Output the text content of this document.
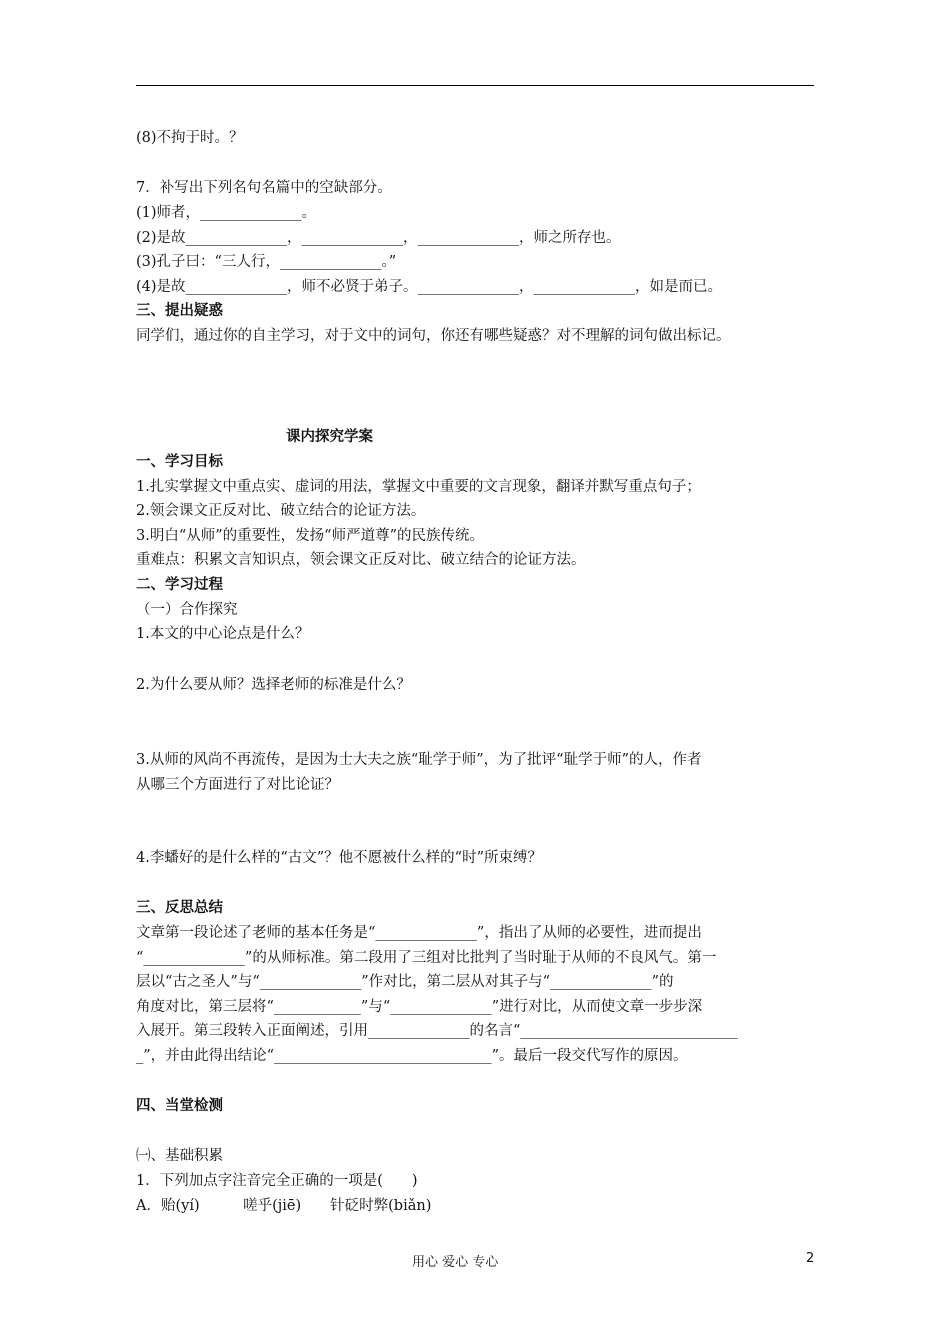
(8)不拘于时。？
7．补写出下列名句名篇中的空缺部分。
(1)师者，______________。
(2)是故______________，______________，______________，师之所存也。
(3)孔子曰：“三人行，______________。”
(4)是故______________，师不必贤于弟子。______________，______________，如是而已。
三、提出疑惑
同学们，通过你的自主学习，对于文中的词句，你还有哪些疑惑？对不理解的词句做出标记。
课内探究学案
一、学习目标
1.扎实掌握文中重点实、虚词的用法，掌握文中重要的文言现象，翻译并默写重点句子；
2.领会课文正反对比、破立结合的论证方法。
3.明白“从师”的重要性，发扬“师严道尊”的民族传统。
重难点：积累文言知识点，领会课文正反对比、破立结合的论证方法。
二、学习过程
（一）合作探究
1.本文的中心论点是什么？
2.为什么要从师？选择老师的标准是什么？
3.从师的风尚不再流传，是因为士大夫之族“耻学于师”，为了批评“耻学于师”的人，作者
从哪三个方面进行了对比论证？
4.李蟠好的是什么样的“古文”？他不愿被什么样的“时”所束缚？
三、反思总结
文章第一段论述了老师的基本任务是“______________”，指出了从师的必要性，进而提出
“______________”的从师标准。第二段用了三组对比批判了当时耻于从师的不良风气。第一
层以“古之圣人”与“______________”作对比，第二层从对其子与“______________”的
角度对比，第三层将“____________”与“______________”进行对比，从而使文章一步步深
入展开。第三段转入正面阐述，引用______________的名言“______________________________
_”，并由此得出结论“______________________________”。最后一段交代写作的原因。
四、当堂检测
㈠、基础积累
1．下列加点字注音完全正确的一项是(　　)
A．贻(yí)　　　嗟乎(jiē)　　针砭时弊(biǎn)
用心 爱心 专心	2
